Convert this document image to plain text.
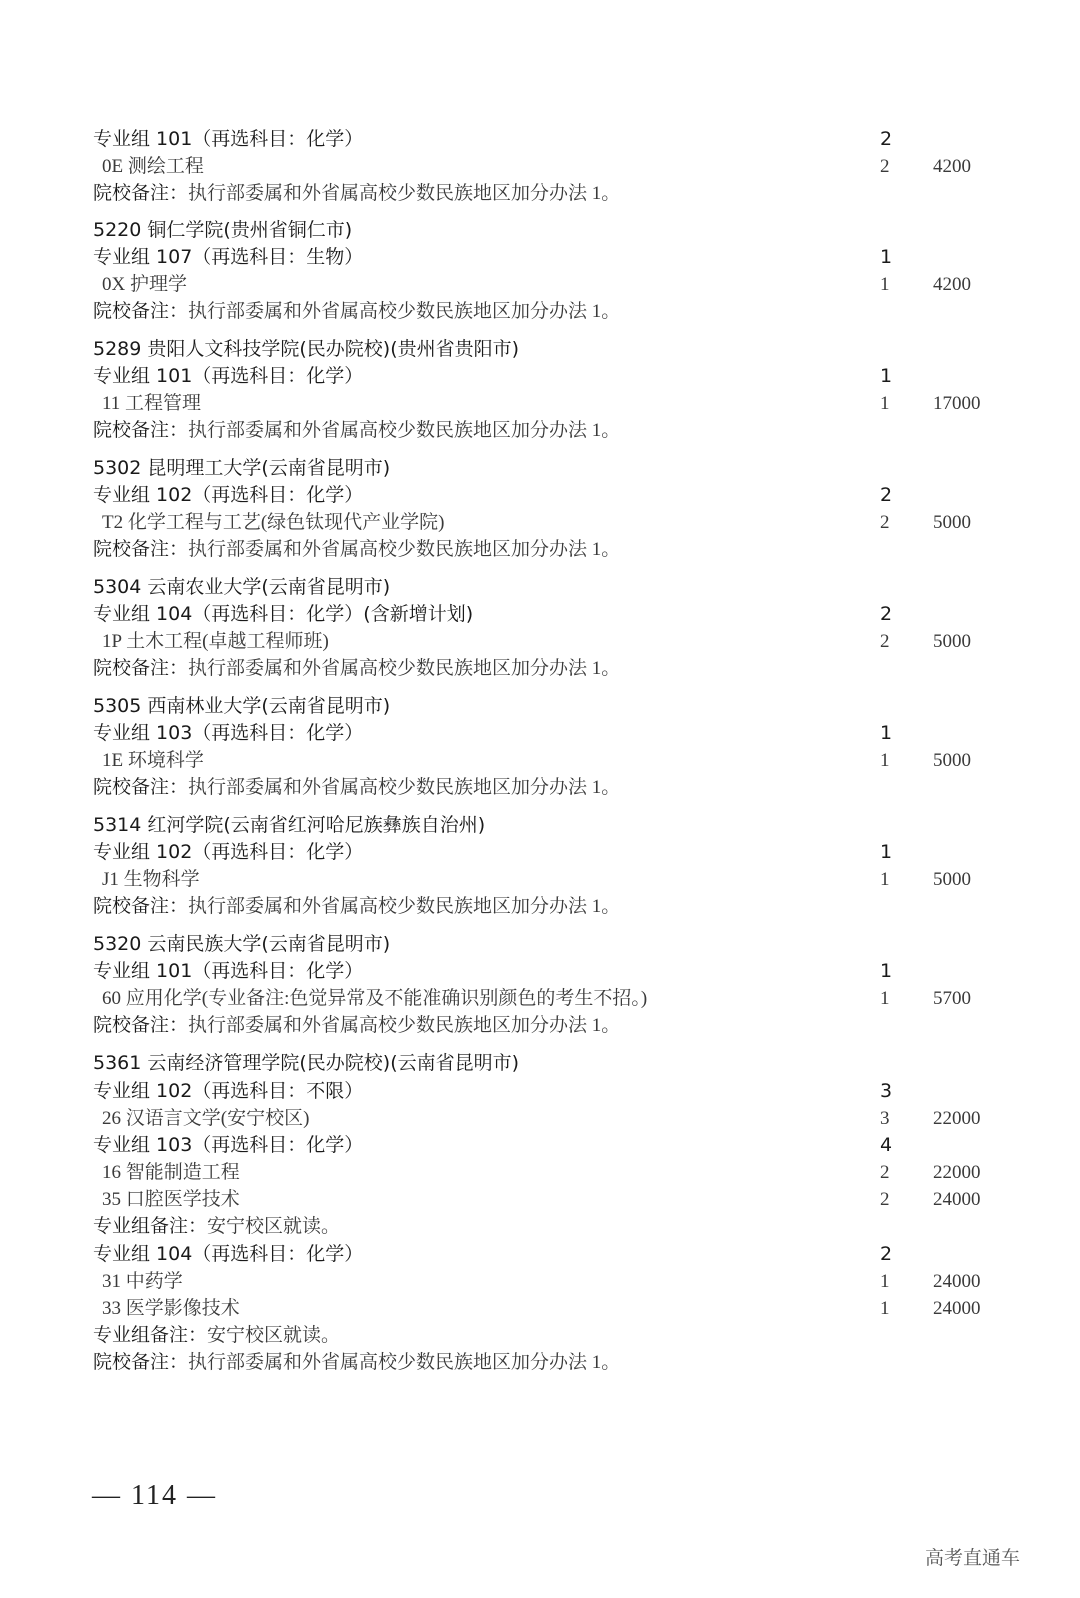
专业组 101（再选科目：化学）	2
0E 测绘工程	2	4200
院校备注：执行部委属和外省属高校少数民族地区加分办法 1。
5220 铜仁学院(贵州省铜仁市)
专业组 107（再选科目：生物）	1
0X 护理学	1	4200
院校备注：执行部委属和外省属高校少数民族地区加分办法 1。
5289 贵阳人文科技学院(民办院校)(贵州省贵阳市)
专业组 101（再选科目：化学）	1
11 工程管理	1	17000
院校备注：执行部委属和外省属高校少数民族地区加分办法 1。
5302 昆明理工大学(云南省昆明市)
专业组 102（再选科目：化学）	2
T2 化学工程与工艺(绿色钛现代产业学院)	2	5000
院校备注：执行部委属和外省属高校少数民族地区加分办法 1。
5304 云南农业大学(云南省昆明市)
专业组 104（再选科目：化学）(含新增计划)	2
1P 土木工程(卓越工程师班)	2	5000
院校备注：执行部委属和外省属高校少数民族地区加分办法 1。
5305 西南林业大学(云南省昆明市)
专业组 103（再选科目：化学）	1
1E 环境科学	1	5000
院校备注：执行部委属和外省属高校少数民族地区加分办法 1。
5314 红河学院(云南省红河哈尼族彝族自治州)
专业组 102（再选科目：化学）	1
J1 生物科学	1	5000
院校备注：执行部委属和外省属高校少数民族地区加分办法 1。
5320 云南民族大学(云南省昆明市)
专业组 101（再选科目：化学）	1
60 应用化学(专业备注:色觉异常及不能准确识别颜色的考生不招。)	1	5700
院校备注：执行部委属和外省属高校少数民族地区加分办法 1。
5361 云南经济管理学院(民办院校)(云南省昆明市)
专业组 102（再选科目：不限）	3
26 汉语言文学(安宁校区)	3	22000
专业组 103（再选科目：化学）	4
16 智能制造工程	2	22000
35 口腔医学技术	2	24000
专业组备注：安宁校区就读。
专业组 104（再选科目：化学）	2
31 中药学	1	24000
33 医学影像技术	1	24000
专业组备注：安宁校区就读。
院校备注：执行部委属和外省属高校少数民族地区加分办法 1。
— 114 —
高考直通车
